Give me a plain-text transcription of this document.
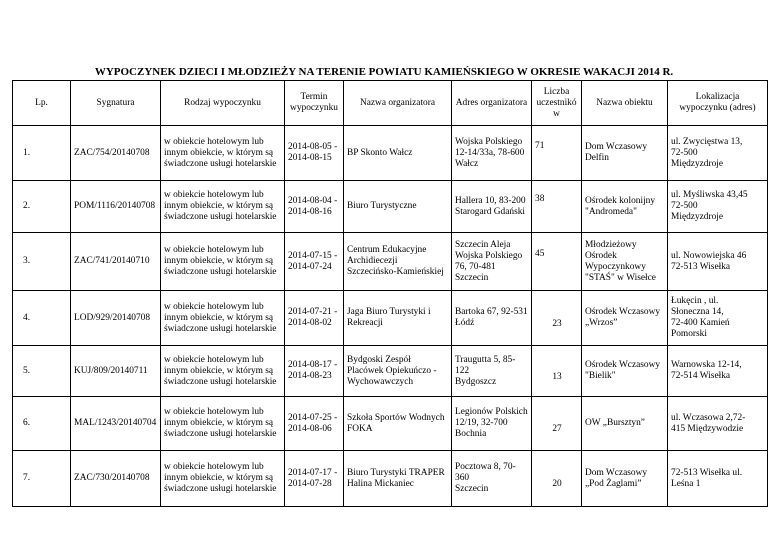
WYPOCZYNEK DZIECI I MŁODZIEŻY NA TERENIE POWIATU KAMIEŃSKIEGO W OKRESIE WAKACJI 2014 R.
Lp.	Sygnatura	Rodzaj wypoczynku	Termin
wypoczynku	Nazwa organizatora	Adres organizatora	Liczba
uczestnikó
w	Nazwa obiektu	Lokalizacja
wypoczynku (adres)

1.	ZAC/754/20140708	w obiekcie hotelowym lub
innym obiekcie, w którym są
świadczone usługi hotelarskie	2014-08-05 -
2014-08-15	BP Skonto Wałcz	Wojska Polskiego
12-14/33a, 78-600
Wałcz	71	Dom Wczasowy
Delfin	ul. Zwycięstwa 13,
72-500
Międzyzdroje

2.	POM/1116/20140708	w obiekcie hotelowym lub
innym obiekcie, w którym są
świadczone usługi hotelarskie	2014-08-04 -
2014-08-16	Biuro Turystyczne	Hallera 10, 83-200
Starogard Gdański	38	Ośrodek kolonijny
"Andromeda"	ul. Myśliwska 43,45
72-500
Międzyzdroje

3.	ZAC/741/20140710	w obiekcie hotelowym lub
innym obiekcie, w którym są
świadczone usługi hotelarskie	2014-07-15 -
2014-07-24	Centrum Edukacyjne
Archidiecezji
Szczecińsko-Kamieńskiej	Szczecin Aleja
Wojska Polskiego
76, 70-481
Szczecin	45	Młodzieżowy
Ośrodek
Wypoczynkowy
"STAŚ" w Wisełce	ul. Nowowiejska 46
72-513 Wisełka

4.	LOD/929/20140708	w obiekcie hotelowym lub
innym obiekcie, w którym są
świadczone usługi hotelarskie	2014-07-21 -
2014-08-02	Jaga Biuro Turystyki i
Rekreacji	Bartoka 67, 92-531
Łódź	23	Ośrodek Wczasowy
„Wrzos”	Łukęcin , ul.
Słoneczna 14,
72-400 Kamień
Pomorski

5.	KUJ/809/20140711	w obiekcie hotelowym lub
innym obiekcie, w którym są
świadczone usługi hotelarskie	2014-08-17 -
2014-08-23	Bydgoski Zespół
Placówek Opiekuńczo -
Wychowawczych	Traugutta 5, 85-122
Bydgoszcz	13	Ośrodek Wczasowy
"Bielik"	Warnowska 12-14,
72-514 Wisełka

6.	MAL/1243/20140704	w obiekcie hotelowym lub
innym obiekcie, w którym są
świadczone usługi hotelarskie	2014-07-25 -
2014-08-06	Szkoła Sportów Wodnych
FOKA	Legionów Polskich
12/19, 32-700
Bochnia	27	OW „Bursztyn”	ul. Wczasowa 2,72-
415 Międzywodzie

7.	ZAC/730/20140708	w obiekcie hotelowym lub
innym obiekcie, w którym są
świadczone usługi hotelarskie	2014-07-17 -
2014-07-28	Biuro Turystyki TRAPER
Halina Mickaniec	Pocztowa 8, 70-360
Szczecin	20	Dom Wczasowy
„Pod Żaglami”	72-513 Wisełka ul.
Leśna 1
